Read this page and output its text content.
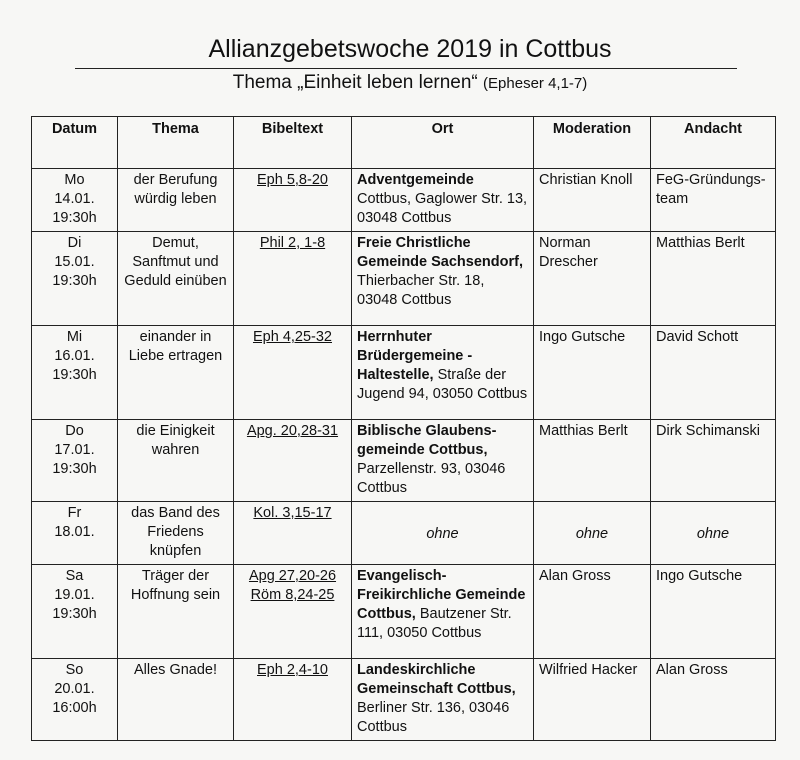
Allianzgebetswoche 2019 in Cottbus
Thema „Einheit leben lernen“ (Epheser 4,1-7)
Datum	Thema	Bibeltext	Ort	Moderation	Andacht

Mo
14.01.
19:30h	der Berufung würdig leben	Eph 5,8-20	Adventgemeinde Cottbus, Gaglower Str. 13, 03048 Cottbus	Christian Knoll	FeG-Gründungs-team

Di
15.01.
19:30h	Demut, Sanftmut und Geduld einüben	Phil 2, 1-8	Freie Christliche Gemeinde Sachsendorf, Thierbacher Str. 18, 03048 Cottbus	Norman Drescher	Matthias Berlt

Mi
16.01.
19:30h	einander in Liebe ertragen	Eph 4,25-32	Herrnhuter Brüdergemeine - Haltestelle, Straße der Jugend 94, 03050 Cottbus	Ingo Gutsche	David Schott

Do
17.01.
19:30h	die Einigkeit wahren	Apg. 20,28-31	Biblische Glaubens-gemeinde Cottbus, Parzellenstr. 93, 03046 Cottbus	Matthias Berlt	Dirk Schimanski

Fr
18.01.	das Band des Friedens knüpfen	Kol. 3,15-17	ohne	ohne	ohne

Sa
19.01.
19:30h	Träger der Hoffnung sein	Apg 27,20-26
Röm 8,24-25	Evangelisch-Freikirchliche Gemeinde Cottbus, Bautzener Str. 111, 03050 Cottbus	Alan Gross	Ingo Gutsche

So
20.01.
16:00h	Alles Gnade!	Eph 2,4-10	Landeskirchliche Gemeinschaft Cottbus, Berliner Str. 136, 03046 Cottbus	Wilfried Hacker	Alan Gross
